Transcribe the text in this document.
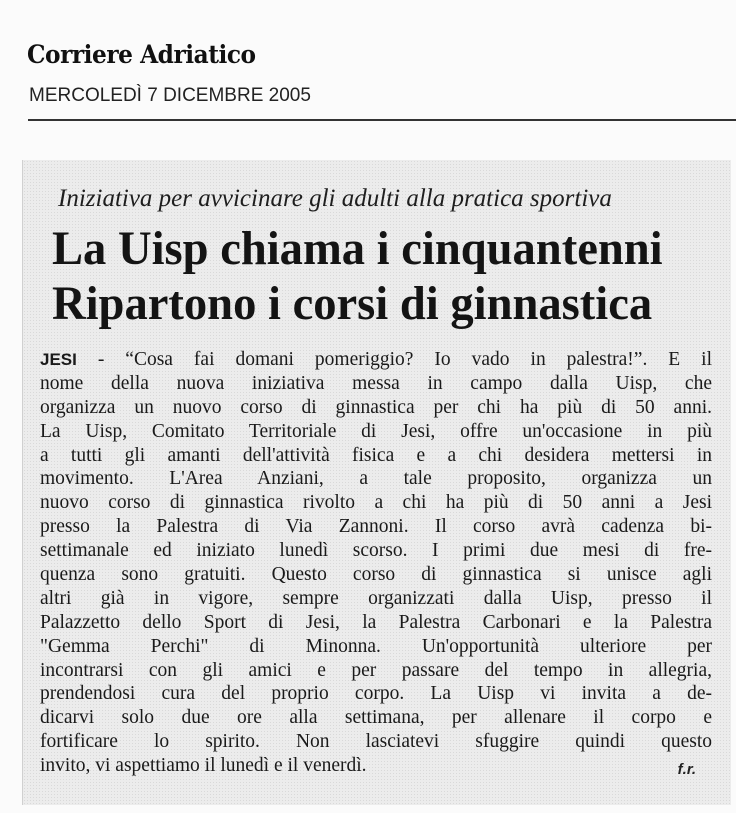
Corriere Adriatico
MERCOLEDÌ 7 DICEMBRE 2005
Iniziativa per avvicinare gli adulti alla pratica sportiva
La Uisp chiama i cinquantenni
Ripartono i corsi di ginnastica
JESI - “Cosa fai domani pomeriggio? Io vado in palestra!”. E il
nome della nuova iniziativa messa in campo dalla Uisp, che
organizza un nuovo corso di ginnastica per chi ha più di 50 anni.
La Uisp, Comitato Territoriale di Jesi, offre un'occasione in più
a tutti gli amanti dell'attività fisica e a chi desidera mettersi in
movimento. L'Area Anziani, a tale proposito, organizza un
nuovo corso di ginnastica rivolto a chi ha più di 50 anni a Jesi
presso la Palestra di Via Zannoni. Il corso avrà cadenza bi-
settimanale ed iniziato lunedì scorso. I primi due mesi di fre-
quenza sono gratuiti. Questo corso di ginnastica si unisce agli
altri già in vigore, sempre organizzati dalla Uisp, presso il
Palazzetto dello Sport di Jesi, la Palestra Carbonari e la Palestra
"Gemma Perchi" di Minonna. Un'opportunità ulteriore per
incontrarsi con gli amici e per passare del tempo in allegria,
prendendosi cura del proprio corpo. La Uisp vi invita a de-
dicarvi solo due ore alla settimana, per allenare il corpo e
fortificare lo spirito. Non lasciatevi sfuggire quindi questo
invito, vi aspettiamo il lunedì e il venerdì.	f.r.
